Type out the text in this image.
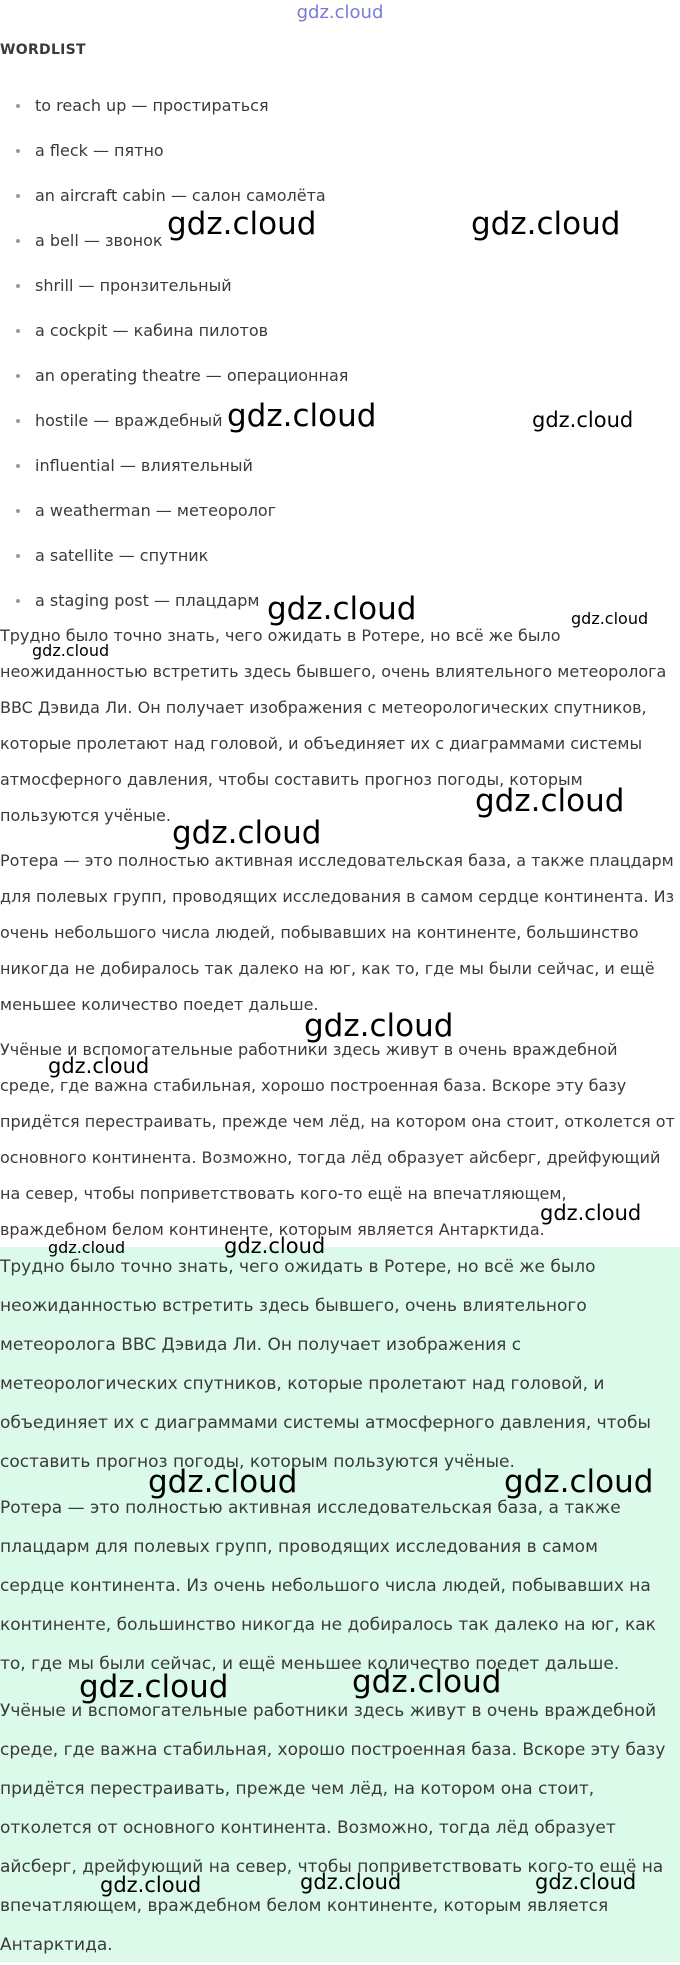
gdz.cloud
WORDLIST
to reach up — простираться
a fleck — пятно
an aircraft cabin — салон самолёта
a bell — звонок
shrill — пронзительный
a cockpit — кабина пилотов
an operating theatre — операционная
hostile — враждебный
influential — влиятельный
a weatherman — метеоролог
a satellite — спутник
a staging post — плацдарм
Трудно было точно знать, чего ожидать в Ротере, но всё же было
неожиданностью встретить здесь бывшего, очень влиятельного метеоролога
BBC Дэвида Ли. Он получает изображения с метеорологических спутников,
которые пролетают над головой, и объединяет их с диаграммами системы
атмосферного давления, чтобы составить прогноз погоды, которым
пользуются учёные.
Ротера — это полностью активная исследовательская база, а также плацдарм
для полевых групп, проводящих исследования в самом сердце континента. Из
очень небольшого числа людей, побывавших на континенте, большинство
никогда не добиралось так далеко на юг, как то, где мы были сейчас, и ещё
меньшее количество поедет дальше.
Учёные и вспомогательные работники здесь живут в очень враждебной
среде, где важна стабильная, хорошо построенная база. Вскоре эту базу
придётся перестраивать, прежде чем лёд, на котором она стоит, отколется от
основного континента. Возможно, тогда лёд образует айсберг, дрейфующий
на север, чтобы поприветствовать кого-то ещё на впечатляющем,
враждебном белом континенте, которым является Антарктида.
Трудно было точно знать, чего ожидать в Ротере, но всё же было
неожиданностью встретить здесь бывшего, очень влиятельного
метеоролога BBC Дэвида Ли. Он получает изображения с
метеорологических спутников, которые пролетают над головой, и
объединяет их с диаграммами системы атмосферного давления, чтобы
составить прогноз погоды, которым пользуются учёные.
Ротера — это полностью активная исследовательская база, а также
плацдарм для полевых групп, проводящих исследования в самом
сердце континента. Из очень небольшого числа людей, побывавших на
континенте, большинство никогда не добиралось так далеко на юг, как
то, где мы были сейчас, и ещё меньшее количество поедет дальше.
Учёные и вспомогательные работники здесь живут в очень враждебной
среде, где важна стабильная, хорошо построенная база. Вскоре эту базу
придётся перестраивать, прежде чем лёд, на котором она стоит,
отколется от основного континента. Возможно, тогда лёд образует
айсберг, дрейфующий на север, чтобы поприветствовать кого-то ещё на
впечатляющем, враждебном белом континенте, которым является
Антарктида.
gdz.cloud	gdz.cloud
gdz.cloud	gdz.cloud
gdz.cloud	gdz.cloud
gdz.cloud
gdz.cloud
gdz.cloud
gdz.cloud
gdz.cloud
gdz.cloud
gdz.cloud	gdz.cloud
gdz.cloud	gdz.cloud
gdz.cloud	gdz.cloud
gdz.cloud	gdz.cloud	gdz.cloud
